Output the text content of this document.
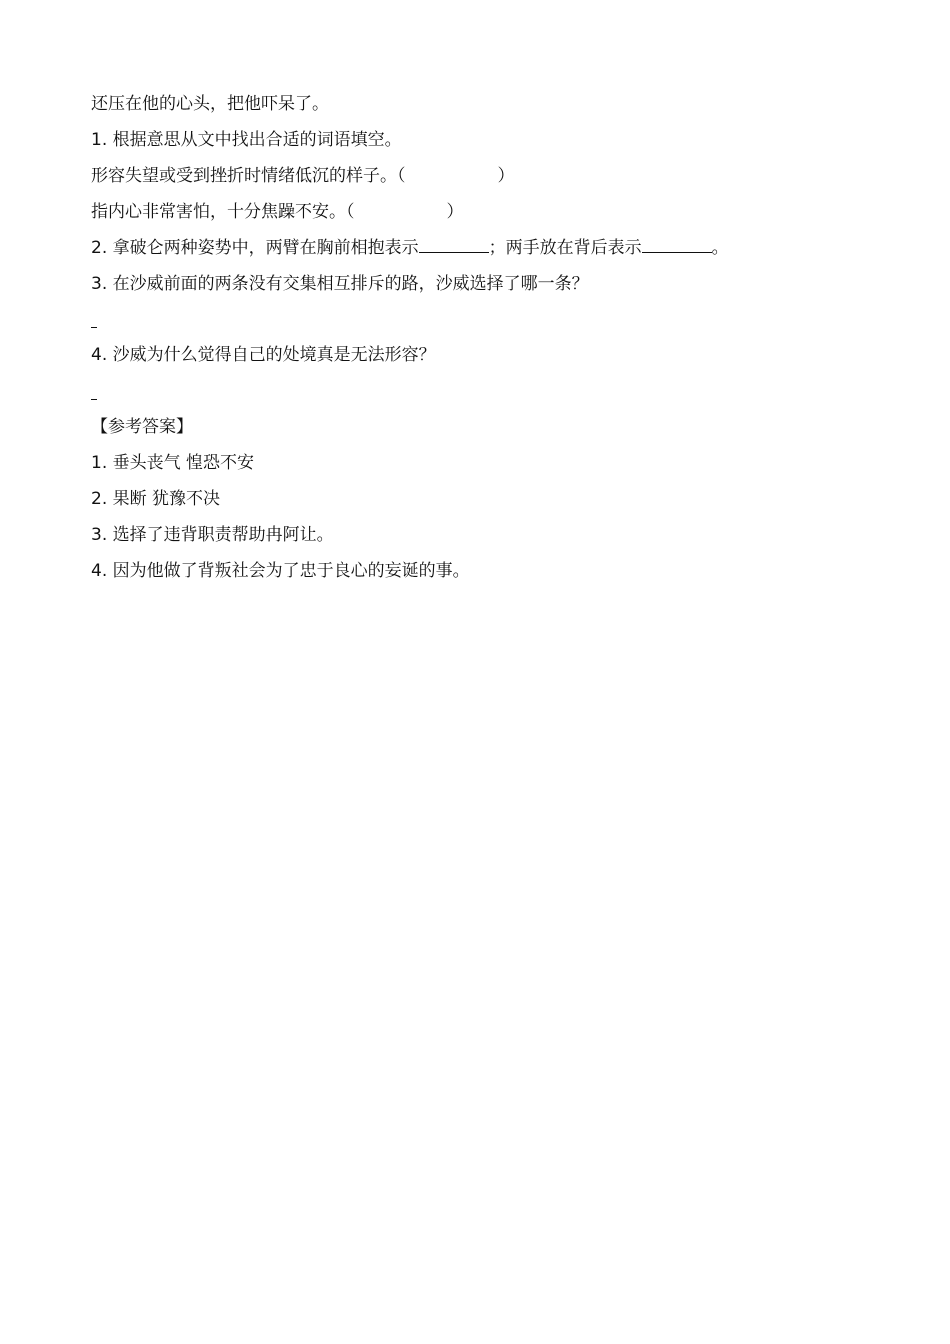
还压在他的心头，把他吓呆了。
1. 根据意思从文中找出合适的词语填空。
形容失望或受到挫折时情绪低沉的样子。（	）
指内心非常害怕，十分焦躁不安。（	）
2. 拿破仑两种姿势中，两臂在胸前相抱表示	；两手放在背后表示	。
3. 在沙威前面的两条没有交集相互排斥的路，沙威选择了哪一条？
4. 沙威为什么觉得自己的处境真是无法形容？
【参考答案】
1. 垂头丧气 惶恐不安
2. 果断 犹豫不决
3. 选择了违背职责帮助冉阿让。
4. 因为他做了背叛社会为了忠于良心的妄诞的事。
